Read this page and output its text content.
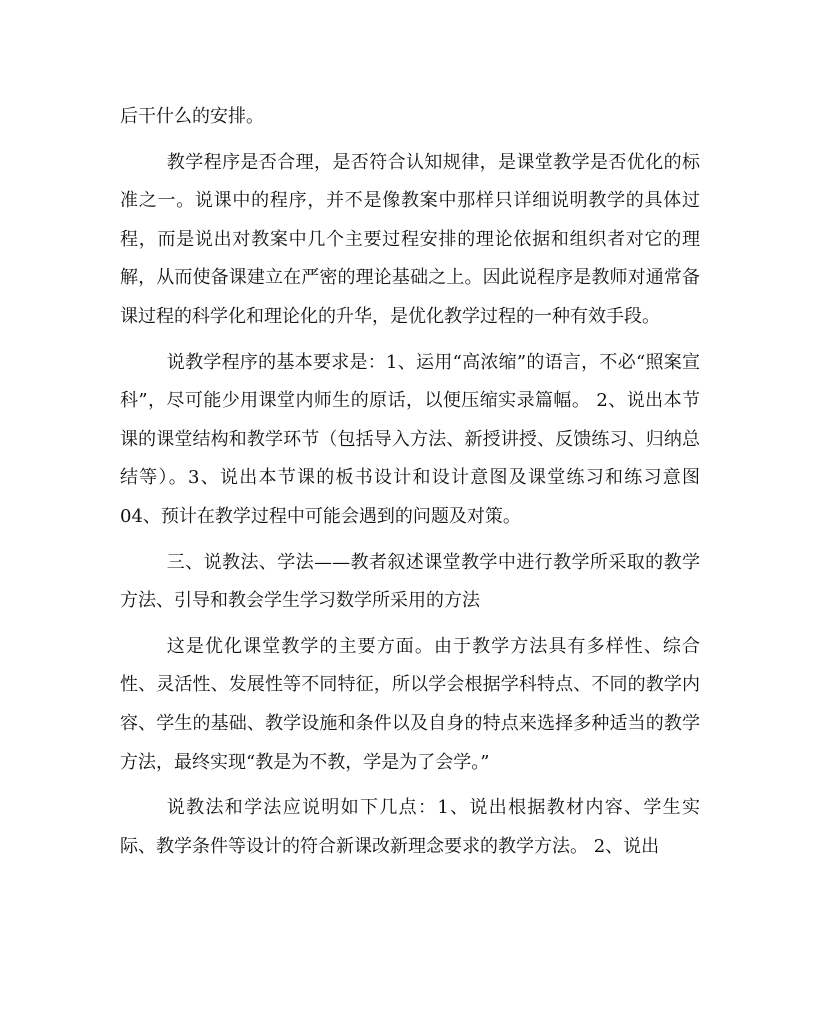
后干什么的安排。

教学程序是否合理，是否符合认知规律，是课堂教学是否优化的标准之一。说课中的程序，并不是像教案中那样只详细说明教学的具体过程，而是说出对教案中几个主要过程安排的理论依据和组织者对它的理解，从而使备课建立在严密的理论基础之上。因此说程序是教师对通常备课过程的科学化和理论化的升华，是优化教学过程的一种有效手段。

说教学程序的基本要求是：1、运用“高浓缩”的语言，不必“照案宣科”，尽可能少用课堂内师生的原话，以便压缩实录篇幅。 2、说出本节课的课堂结构和教学环节（包括导入方法、新授讲授、反馈练习、归纳总结等）。3、说出本节课的板书设计和设计意图及课堂练习和练习意图04、预计在教学过程中可能会遇到的问题及对策。

三、说教法、学法——教者叙述课堂教学中进行教学所采取的教学方法、引导和教会学生学习数学所采用的方法

这是优化课堂教学的主要方面。由于教学方法具有多样性、综合性、灵活性、发展性等不同特征，所以学会根据学科特点、不同的教学内容、学生的基础、教学设施和条件以及自身的特点来选择多种适当的教学方法，最终实现“教是为不教，学是为了会学。”

说教法和学法应说明如下几点：1、说出根据教材内容、学生实际、教学条件等设计的符合新课改新理念要求的教学方法。 2、说出
